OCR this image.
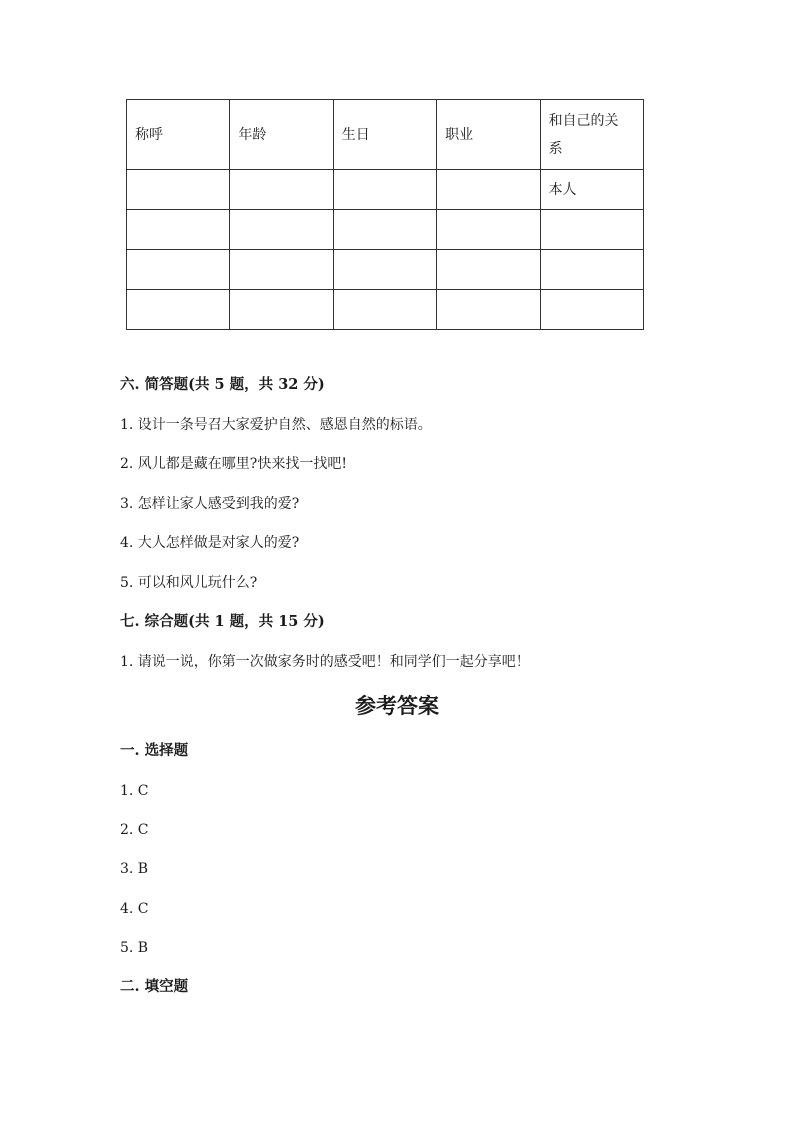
称呼	年龄	生日	职业	和自己的关系
				本人

六. 简答题(共 5 题，共 32 分)
1. 设计一条号召大家爱护自然、感恩自然的标语。
2. 风儿都是藏在哪里?快来找一找吧!
3. 怎样让家人感受到我的爱?
4. 大人怎样做是对家人的爱?
5. 可以和风儿玩什么?
七. 综合题(共 1 题，共 15 分)
1. 请说一说，你第一次做家务时的感受吧！和同学们一起分享吧！
参考答案
一. 选择题
1. C
2. C
3. B
4. C
5. B
二. 填空题
